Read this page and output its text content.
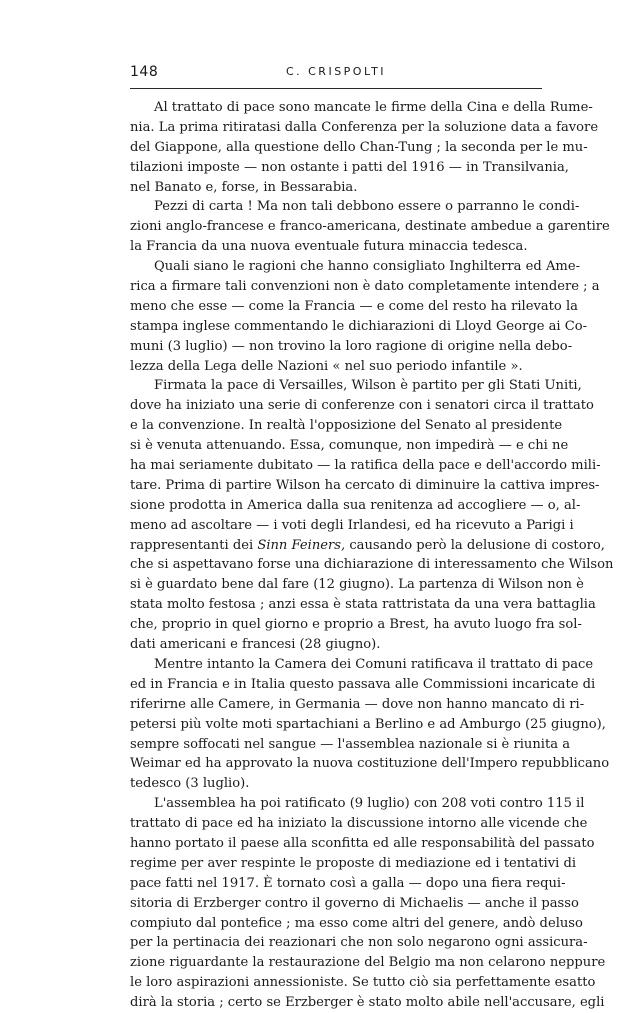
148	C. CRISPOLTI
Al trattato di pace sono mancate le firme della Cina e della Rume-
nia. La prima ritiratasi dalla Conferenza per la soluzione data a favore
del Giappone, alla questione dello Chan-Tung ; la seconda per le mu-
tilazioni imposte — non ostante i patti del 1916 — in Transilvania,
nel Banato e, forse, in Bessarabia.
Pezzi di carta ! Ma non tali debbono essere o parranno le condi-
zioni anglo-francese e franco-americana, destinate ambedue a garentire
la Francia da una nuova eventuale futura minaccia tedesca.
Quali siano le ragioni che hanno consigliato Inghilterra ed Ame-
rica a firmare tali convenzioni non è dato completamente intendere ; a
meno che esse — come la Francia — e come del resto ha rilevato la
stampa inglese commentando le dichiarazioni di Lloyd George ai Co-
muni (3 luglio) — non trovino la loro ragione di origine nella debo-
lezza della Lega delle Nazioni « nel suo periodo infantile ».
Firmata la pace di Versailles, Wilson è partito per gli Stati Uniti,
dove ha iniziato una serie di conferenze con i senatori circa il trattato
e la convenzione. In realtà l'opposizione del Senato al presidente
si è venuta attenuando. Essa, comunque, non impedirà — e chi ne
ha mai seriamente dubitato — la ratifica della pace e dell'accordo mili-
tare. Prima di partire Wilson ha cercato di diminuire la cattiva impres-
sione prodotta in America dalla sua renitenza ad accogliere — o, al-
meno ad ascoltare — i voti degli Irlandesi, ed ha ricevuto a Parigi i
rappresentanti dei Sinn Feiners, causando però la delusione di costoro,
che si aspettavano forse una dichiarazione di interessamento che Wilson
si è guardato bene dal fare (12 giugno). La partenza di Wilson non è
stata molto festosa ; anzi essa è stata rattristata da una vera battaglia
che, proprio in quel giorno e proprio a Brest, ha avuto luogo fra sol-
dati americani e francesi (28 giugno).
Mentre intanto la Camera dei Comuni ratificava il trattato di pace
ed in Francia e in Italia questo passava alle Commissioni incaricate di
riferirne alle Camere, in Germania — dove non hanno mancato di ri-
petersi più volte moti spartachiani a Berlino e ad Amburgo (25 giugno),
sempre soffocati nel sangue — l'assemblea nazionale si è riunita a
Weimar ed ha approvato la nuova costituzione dell'Impero repubblicano
tedesco (3 luglio).
L'assemblea ha poi ratificato (9 luglio) con 208 voti contro 115 il
trattato di pace ed ha iniziato la discussione intorno alle vicende che
hanno portato il paese alla sconfitta ed alle responsabilità del passato
regime per aver respinte le proposte di mediazione ed i tentativi di
pace fatti nel 1917. È tornato così a galla — dopo una fiera requi-
sitoria di Erzberger contro il governo di Michaelis — anche il passo
compiuto dal pontefice ; ma esso come altri del genere, andò deluso
per la pertinacia dei reazionari che non solo negarono ogni assicura-
zione riguardante la restaurazione del Belgio ma non celarono neppure
le loro aspirazioni annessioniste. Se tutto ciò sia perfettamente esatto
dirà la storia ; certo se Erzberger è stato molto abile nell'accusare, egli
